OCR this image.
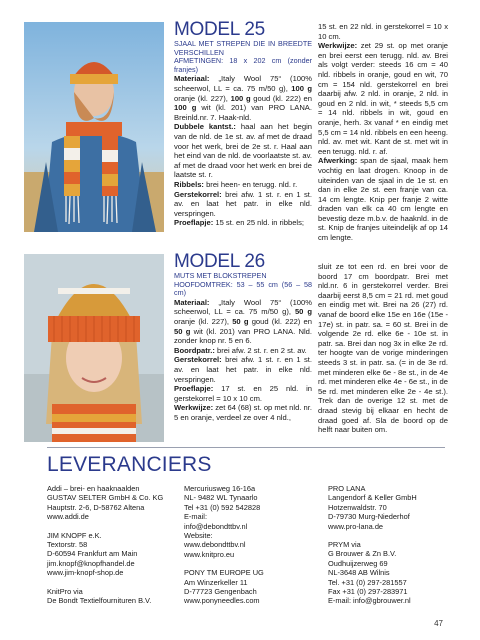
MODEL 25
SJAAL MET STREPEN DIE IN BREEDTE VERSCHILLEN
AFMETINGEN: 18 x 202 cm (zonder franjes)

Materiaal: „Italy Wool 75“ (100% scheerwol, LL = ca. 75 m/50 g), 100 g oranje (kl. 227), 100 g goud (kl. 222) en 100 g wit (kl. 201) van PRO LANA. Breinld.nr. 7. Haak-nld.

Dubbele kantst.: haal aan het begin van de nld. de 1e st. av. af met de draad voor het werk, brei de 2e st. r. Haal aan het eind van de nld. de voorlaatste st. av. af met de draad voor het werk en brei de laatste st. r.

Ribbels: brei heen- en terugg. nld. r.

Gerstekorrel: brei afw. 1 st. r. en 1 st. av. en laat het patr. in elke nld. verspringen.

Proeflapje: 15 st. en 25 nld. in ribbels;

15 st. en 22 nld. in gerstekorrel = 10 x 10 cm.

Werkwijze: zet 29 st. op met oranje en brei eerst een terugg. nld. av. Brei als volgt verder: steeds 16 cm = 40 nld. ribbels in oranje, goud en wit, 70 cm = 154 nld. gerstekorrel en brei daarbij afw. 2 nld. in oranje, 2 nld. in goud en 2 nld. in wit, * steeds 5,5 cm = 14 nld. ribbels in wit, goud en oranje, herh. 3x vanaf * en eindig met 5,5 cm = 14 nld. ribbels en een heeng. nld. av. met wit. Kant de st. met wit in een terugg. nld. r. af.

Afwerking: span de sjaal, maak hem vochtig en laat drogen. Knoop in de uiteinden van de sjaal in de 1e st. en dan in elke 2e st. een franje van ca. 14 cm lengte. Knip per franje 2 witte draden van elk ca 40 cm lengte en bevestig deze m.b.v. de haaknld. in de st. Knip de franjes uiteindelijk af op 14 cm lengte.

MODEL 26
MUTS MET BLOKSTREPEN
HOOFDOMTREK: 53 – 55 cm (56 – 58 cm)

Materiaal: „Italy Wool 75“ (100% scheerwol, LL = ca. 75 m/50 g), 50 g oranje (kl. 227), 50 g goud (kl. 222) en 50 g wit (kl. 201) van PRO LANA. Nld. zonder knop nr. 5 en 6.

Boordpatr.: brei afw. 2 st. r. en 2 st. av.

Gerstekorrel: brei afw. 1 st. r. en 1 st. av. en laat het patr. in elke nld. verspringen.

Proeflapje: 17 st. en 25 nld. in gerstekorrel = 10 x 10 cm.

Werkwijze: zet 64 (68) st. op met nld. nr. 5 en oranje, verdeel ze over 4 nld.,

sluit ze tot een rd. en brei voor de boord 17 cm boordpatr. Brei met nld.nr. 6 in gerstekorrel verder. Brei daarbij eerst 8,5 cm = 21 rd. met goud en eindig met wit. Brei na 26 (27) rd. vanaf de boord elke 15e en 16e (15e - 17e) st. in patr. sa. = 60 st. Brei in de volgende 2e rd. elke 6e - 10e st. in patr. sa. Brei dan nog 3x in elke 2e rd. ter hoogte van de vorige minderingen steeds 3 st. in patr. sa. (= in de 3e rd. met minderen elke 6e - 8e st., in de 4e rd. met minderen elke 4e - 6e st., in de 5e rd. met minderen elke 2e - 4e st.). Trek dan de overige 12 st. met de draad stevig bij elkaar en hecht de draad goed af. Sla de boord op de helft naar buiten om.

LEVERANCIERS
Addi – brei- en haaknaalden
GUSTAV SELTER GmbH & Co. KG
Hauptstr. 2-6, D-58762 Altena
www.addi.de
JIM KNOPF e.K.
Textorstr. 58
D-60594 Frankfurt am Main
jim.knopf@knopfhandel.de
www.jim-knopf-shop.de
KnitPro via
De Bondt Textielfournituren B.V.
Mercuriusweg 16-16a
NL- 9482 WL Tynaarlo
Tel +31 (0) 592 542828
E-mail:
info@debondttbv.nl
Website:
www.debondttbv.nl
www.knitpro.eu
PONY TM EUROPE UG
Am Winzerkeller 11
D-77723 Gengenbach
www.ponyneedles.com
PRO LANA
Langendorf & Keller GmbH
Hotzenwaldstr. 70
D-79730 Murg-Niederhof
www.pro-lana.de
PRYM via
G Brouwer & Zn B.V.
Oudhuijzerweg 69
NL-3648 AB Wilnis
Tel. +31 (0) 297-281557
Fax +31 (0) 297-283971
E-mail: info@gbrouwer.nl
47
